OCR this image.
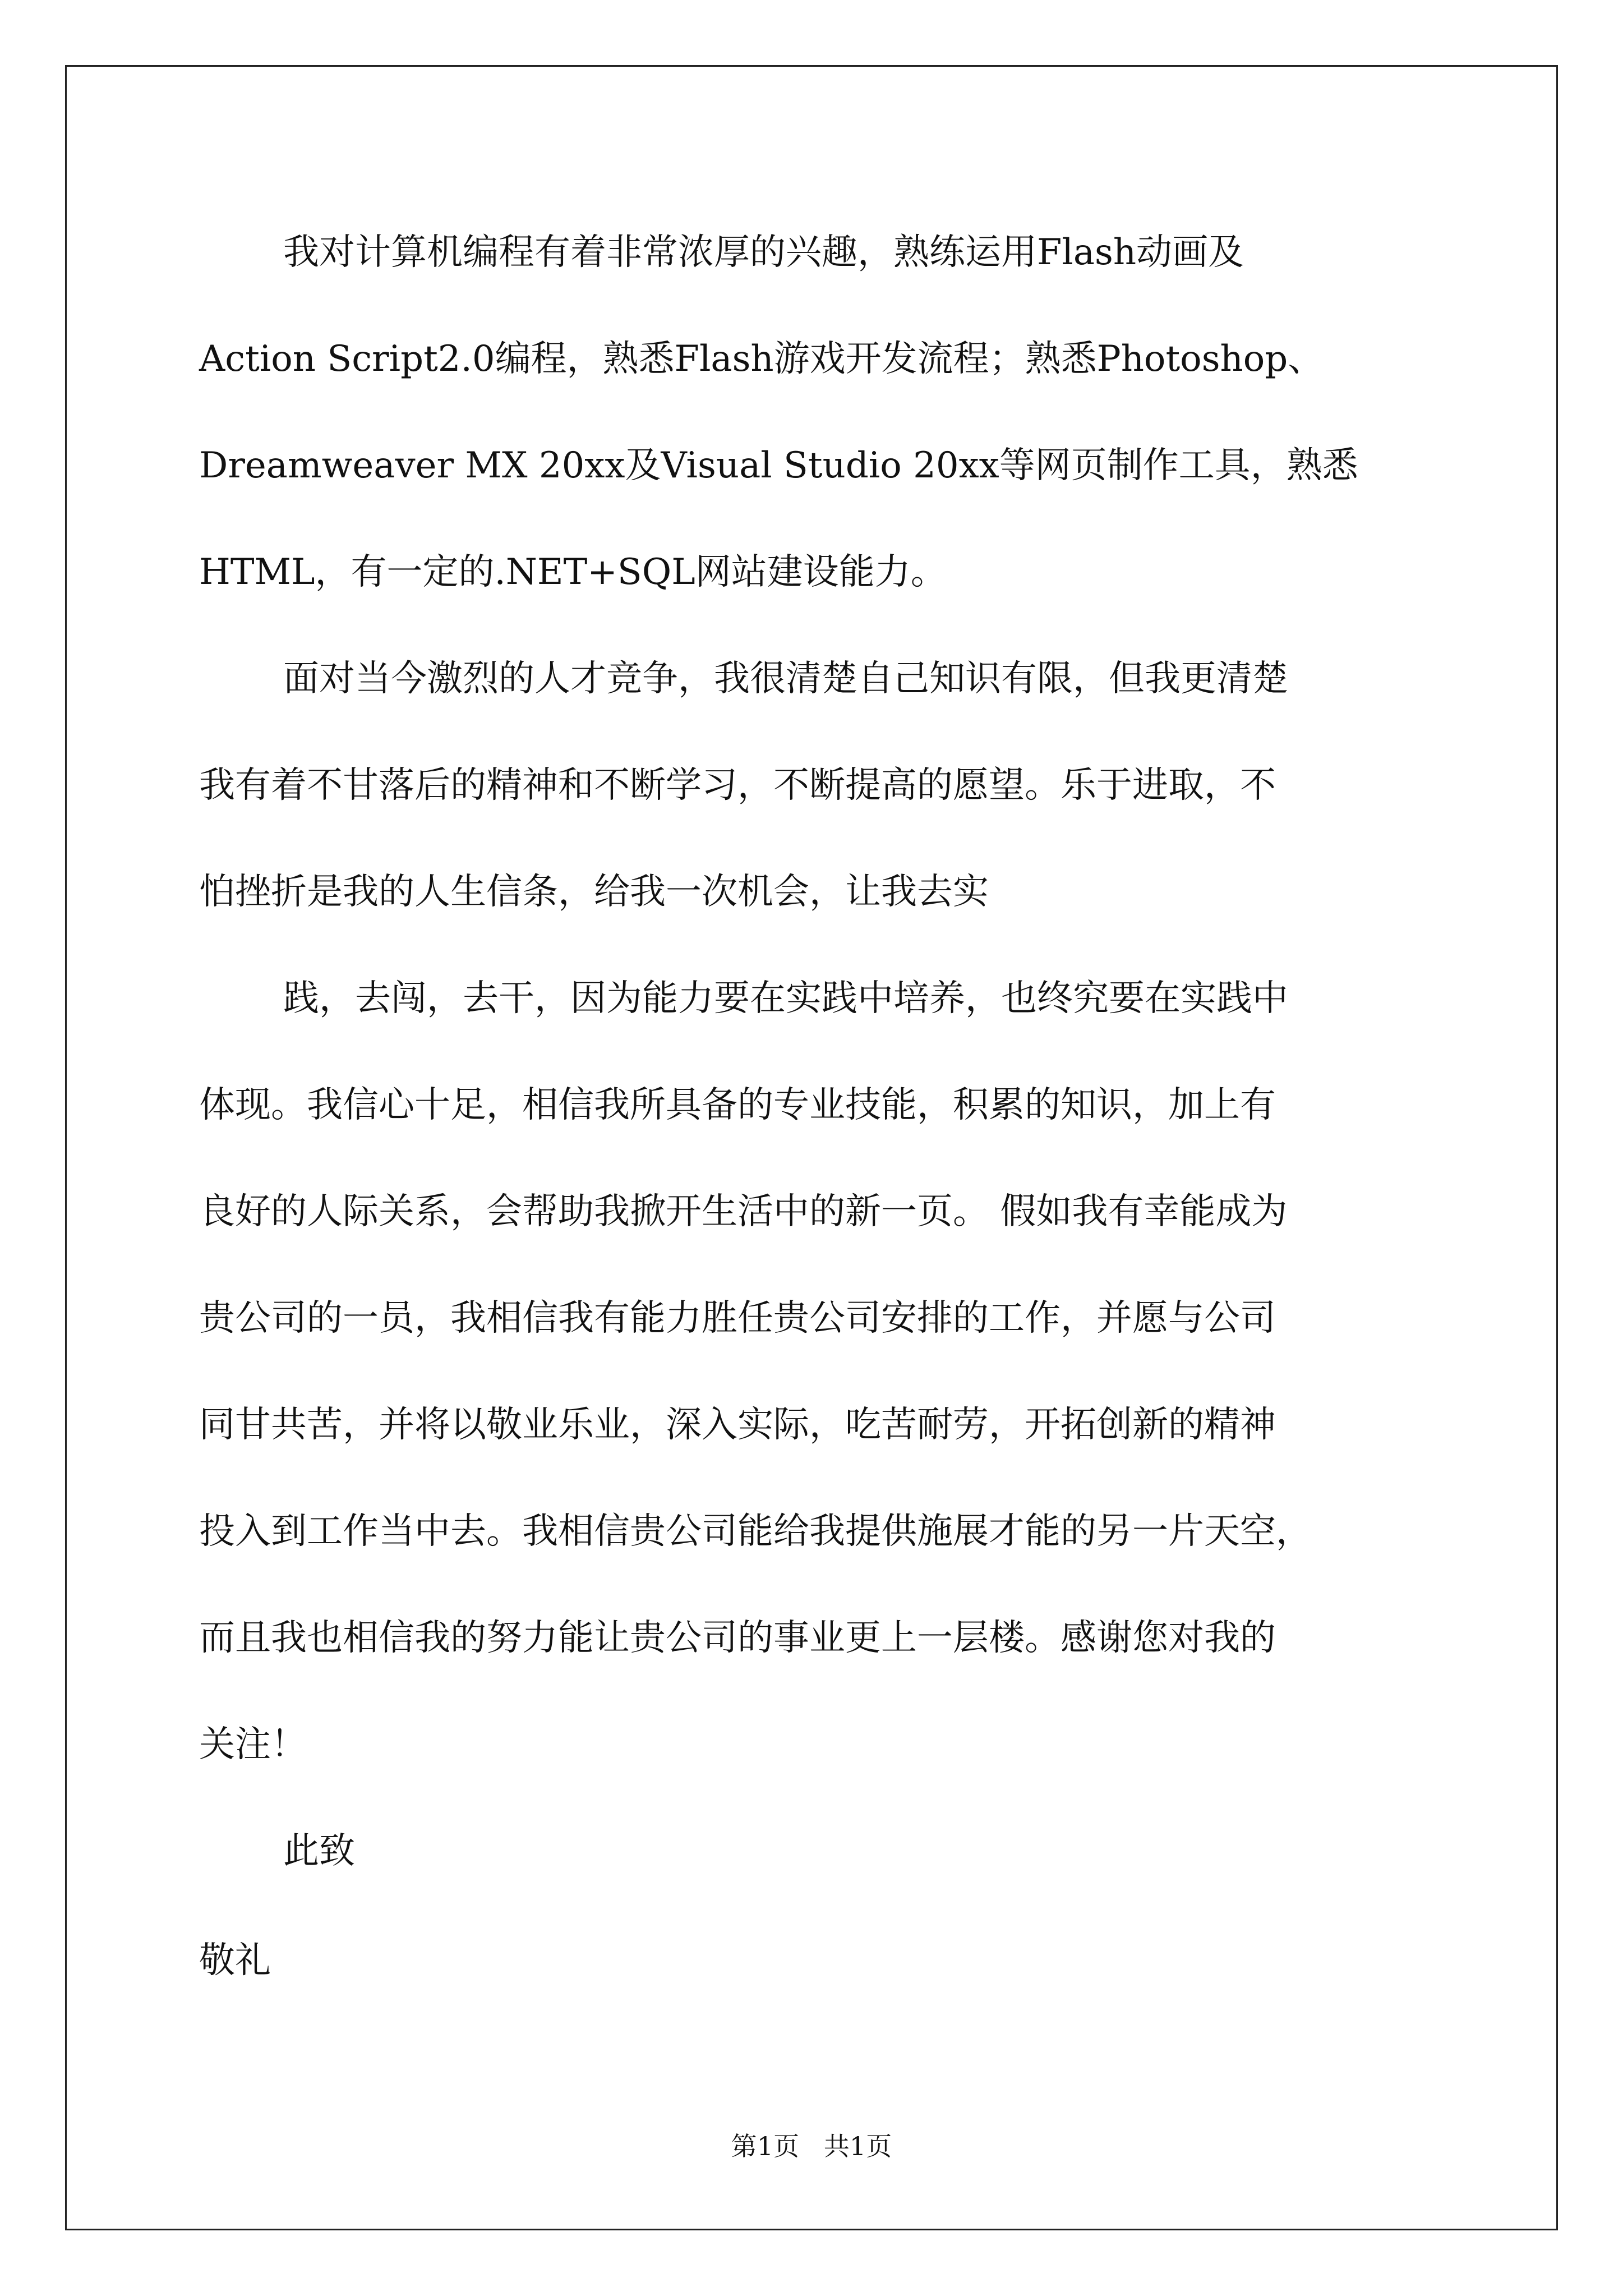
我对计算机编程有着非常浓厚的兴趣，熟练运用Flash动画及
Action Script2.0编程，熟悉Flash游戏开发流程；熟悉Photoshop、
Dreamweaver MX 20xx及Visual Studio 20xx等网页制作工具，熟悉
HTML，有一定的.NET+SQL网站建设能力。
面对当今激烈的人才竞争，我很清楚自己知识有限，但我更清楚
我有着不甘落后的精神和不断学习，不断提高的愿望。乐于进取，不
怕挫折是我的人生信条，给我一次机会，让我去实
践，去闯，去干，因为能力要在实践中培养，也终究要在实践中
体现。我信心十足，相信我所具备的专业技能，积累的知识，加上有
良好的人际关系，会帮助我掀开生活中的新一页。 假如我有幸能成为
贵公司的一员，我相信我有能力胜任贵公司安排的工作，并愿与公司
同甘共苦，并将以敬业乐业，深入实际，吃苦耐劳，开拓创新的精神
投入到工作当中去。我相信贵公司能给我提供施展才能的另一片天空，
而且我也相信我的努力能让贵公司的事业更上一层楼。感谢您对我的
关注！
此致
敬礼
第1页   共1页
